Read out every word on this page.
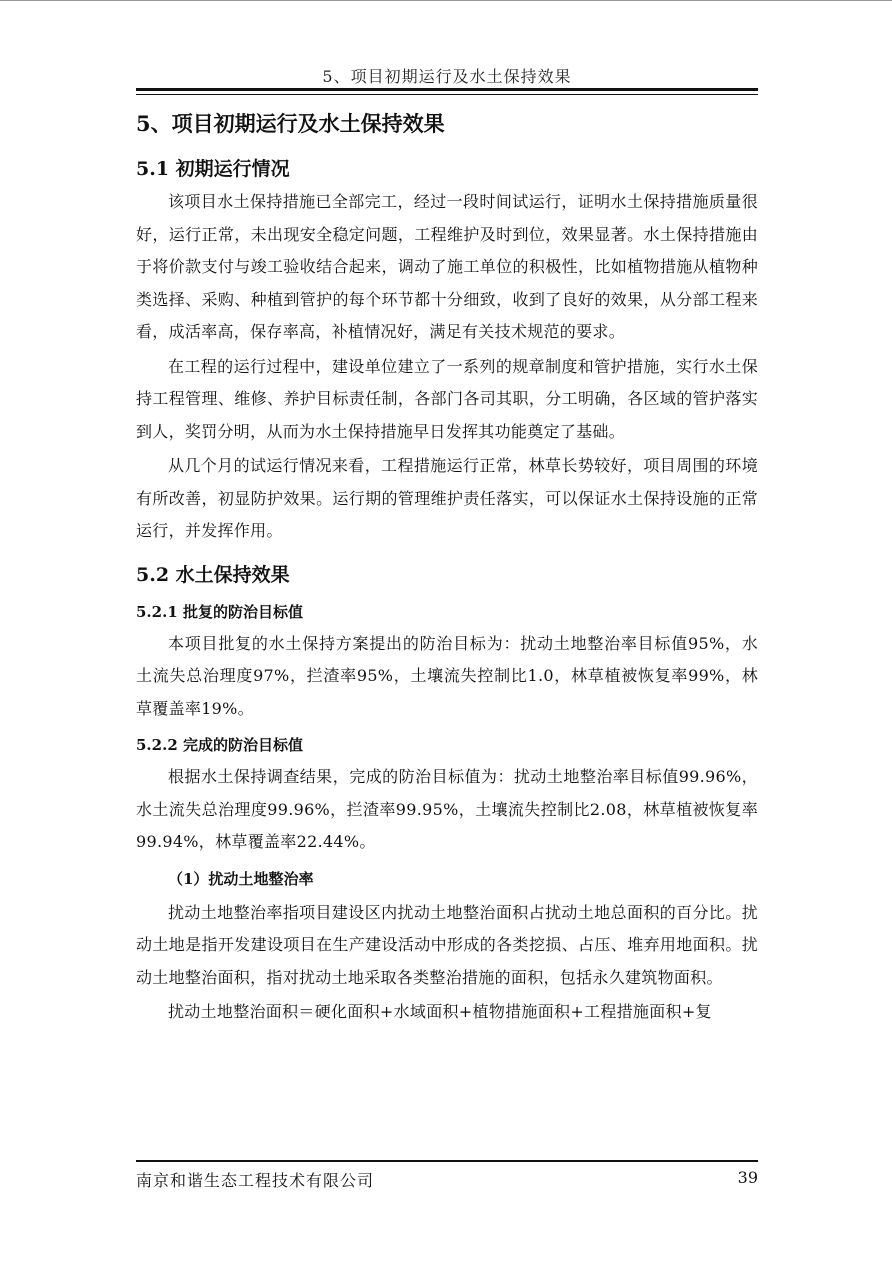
5、项目初期运行及水土保持效果
5、项目初期运行及水土保持效果
5.1 初期运行情况

该项目水土保持措施已全部完工，经过一段时间试运行，证明水土保持措施质量很好，运行正常，未出现安全稳定问题，工程维护及时到位，效果显著。水土保持措施由于将价款支付与竣工验收结合起来，调动了施工单位的积极性，比如植物措施从植物种类选择、采购、种植到管护的每个环节都十分细致，收到了良好的效果，从分部工程来看，成活率高，保存率高，补植情况好，满足有关技术规范的要求。

在工程的运行过程中，建设单位建立了一系列的规章制度和管护措施，实行水土保持工程管理、维修、养护目标责任制，各部门各司其职，分工明确，各区域的管护落实到人，奖罚分明，从而为水土保持措施早日发挥其功能奠定了基础。

从几个月的试运行情况来看，工程措施运行正常，林草长势较好，项目周围的环境有所改善，初显防护效果。运行期的管理维护责任落实，可以保证水土保持设施的正常运行，并发挥作用。

5.2 水土保持效果
5.2.1 批复的防治目标值

本项目批复的水土保持方案提出的防治目标为：扰动土地整治率目标值95%，水土流失总治理度97%，拦渣率95%，土壤流失控制比1.0，林草植被恢复率99%，林草覆盖率19%。

5.2.2 完成的防治目标值

根据水土保持调查结果，完成的防治目标值为：扰动土地整治率目标值99.96%，水土流失总治理度99.96%，拦渣率99.95%，土壤流失控制比2.08，林草植被恢复率99.94%，林草覆盖率22.44%。

（1）扰动土地整治率

扰动土地整治率指项目建设区内扰动土地整治面积占扰动土地总面积的百分比。扰动土地是指开发建设项目在生产建设活动中形成的各类挖损、占压、堆弃用地面积。扰动土地整治面积，指对扰动土地采取各类整治措施的面积，包括永久建筑物面积。

扰动土地整治面积＝硬化面积+水域面积+植物措施面积+工程措施面积+复

南京和谐生态工程技术有限公司	39
